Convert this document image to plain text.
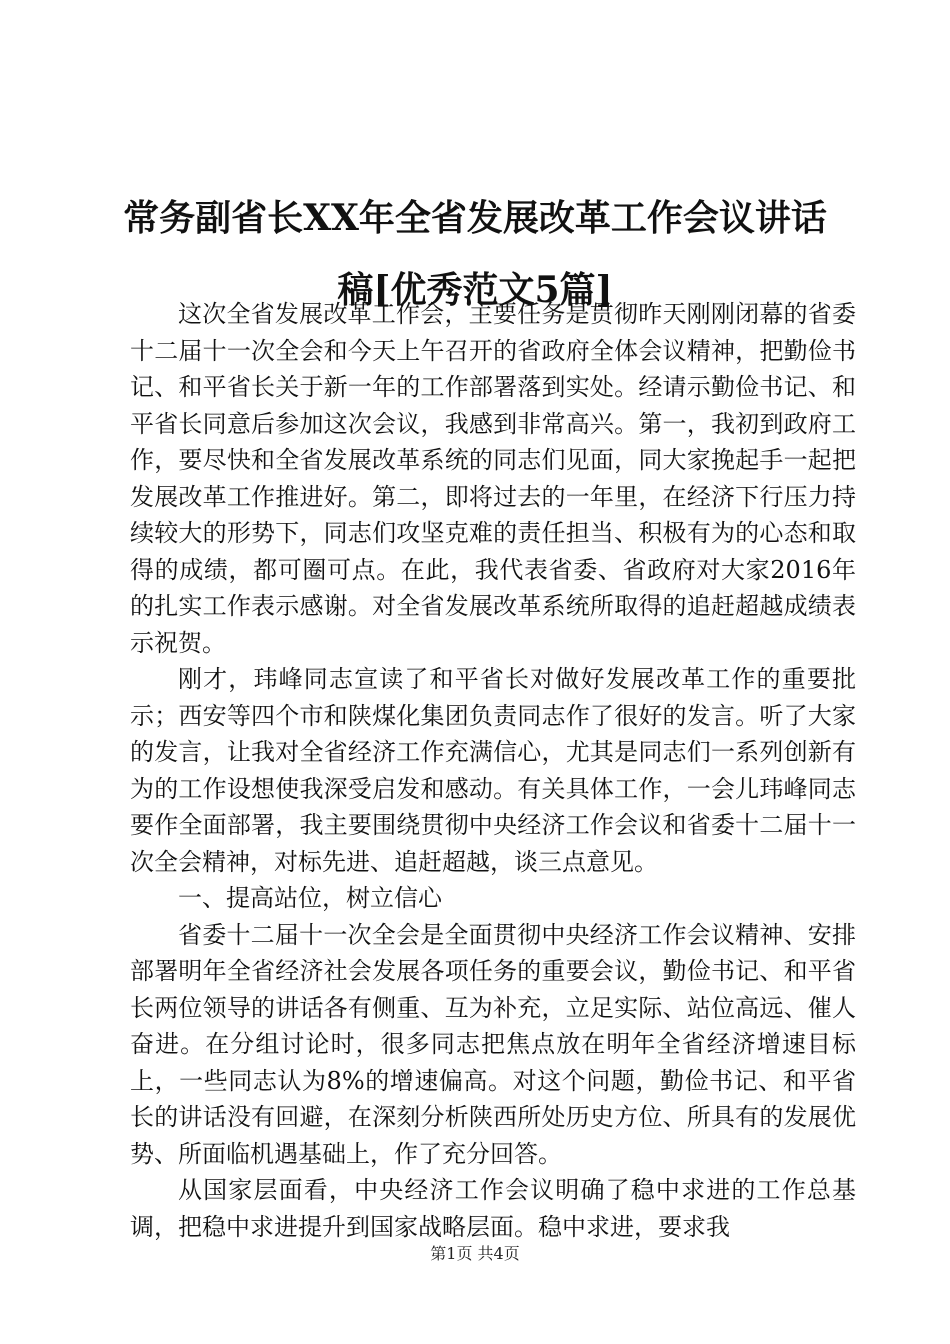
常务副省长XX年全省发展改革工作会议讲话稿[优秀范文5篇]

这次全省发展改革工作会，主要任务是贯彻昨天刚刚闭幕的省委十二届十一次全会和今天上午召开的省政府全体会议精神，把勤俭书记、和平省长关于新一年的工作部署落到实处。经请示勤俭书记、和平省长同意后参加这次会议，我感到非常高兴。第一，我初到政府工作，要尽快和全省发展改革系统的同志们见面，同大家挽起手一起把发展改革工作推进好。第二，即将过去的一年里，在经济下行压力持续较大的形势下，同志们攻坚克难的责任担当、积极有为的心态和取得的成绩，都可圈可点。在此，我代表省委、省政府对大家2016年的扎实工作表示感谢。对全省发展改革系统所取得的追赶超越成绩表示祝贺。

刚才，玮峰同志宣读了和平省长对做好发展改革工作的重要批示；西安等四个市和陕煤化集团负责同志作了很好的发言。听了大家的发言，让我对全省经济工作充满信心，尤其是同志们一系列创新有为的工作设想使我深受启发和感动。有关具体工作，一会儿玮峰同志要作全面部署，我主要围绕贯彻中央经济工作会议和省委十二届十一次全会精神，对标先进、追赶超越，谈三点意见。

一、提高站位，树立信心

省委十二届十一次全会是全面贯彻中央经济工作会议精神、安排部署明年全省经济社会发展各项任务的重要会议，勤俭书记、和平省长两位领导的讲话各有侧重、互为补充，立足实际、站位高远、催人奋进。在分组讨论时，很多同志把焦点放在明年全省经济增速目标上，一些同志认为8%的增速偏高。对这个问题，勤俭书记、和平省长的讲话没有回避，在深刻分析陕西所处历史方位、所具有的发展优势、所面临机遇基础上，作了充分回答。

从国家层面看，中央经济工作会议明确了稳中求进的工作总基调，把稳中求进提升到国家战略层面。稳中求进，要求我

第1页 共4页
